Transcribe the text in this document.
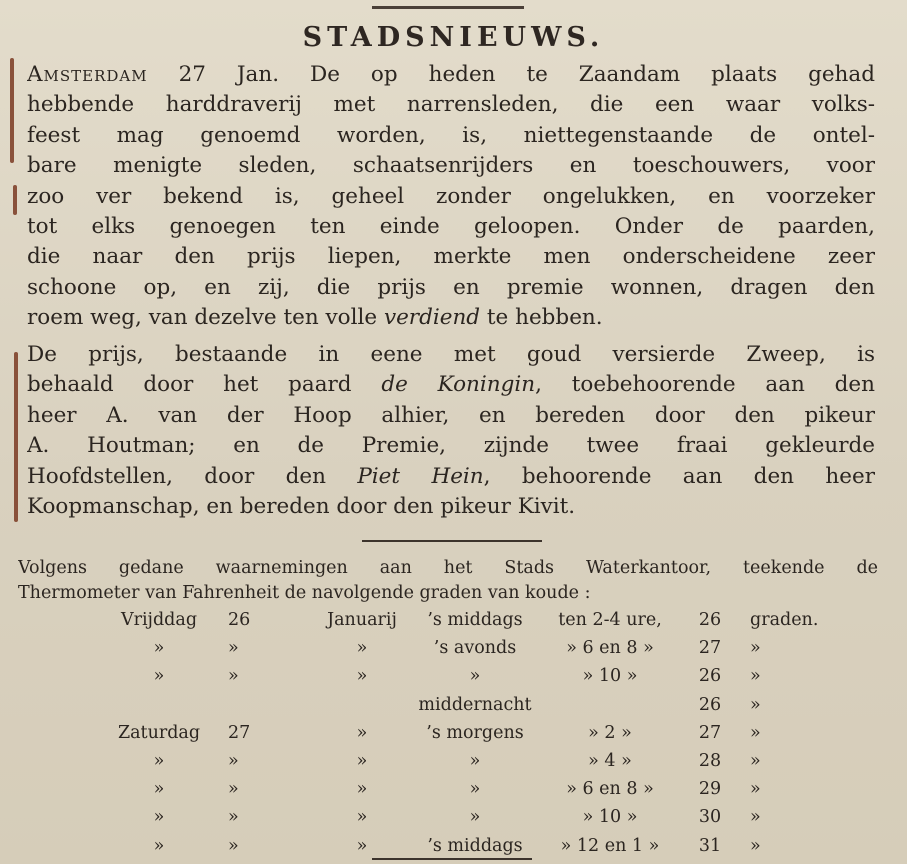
STADSNIEUWS.
Amsterdam 27 Jan. De op heden te Zaandam plaats gehad
hebbende harddraverij met narrensleden, die een waar volks-
feest mag genoemd worden, is, niettegenstaande de ontel-
bare menigte sleden, schaatsenrijders en toeschouwers, voor
zoo ver bekend is, geheel zonder ongelukken, en voorzeker
tot elks genoegen ten einde geloopen. Onder de paarden,
die naar den prijs liepen, merkte men onderscheidene zeer
schoone op, en zij, die prijs en premie wonnen, dragen den
roem weg, van dezelve ten volle verdiend te hebben.
De prijs, bestaande in eene met goud versierde Zweep, is
behaald door het paard de Koningin, toebehoorende aan den
heer A. van der Hoop alhier, en bereden door den pikeur
A. Houtman; en de Premie, zijnde twee fraai gekleurde
Hoofdstellen, door den Piet Hein, behoorende aan den heer
Koopmanschap, en bereden door den pikeur Kivit.
Volgens gedane waarnemingen aan het Stads Waterkantoor, teekende de
Thermometer van Fahrenheit de navolgende graden van koude :
Vrijddag	26	Januarij	’s middags	ten 2-4 ure,	26	graden.
»	»	»	’s avonds	» 6 en 8 »	27	»
»	»	»	»	» 10 »	26	»
			middernacht		26	»
Zaturdag	27	»	’s morgens	» 2 »	27	»
»	»	»	»	» 4 »	28	»
»	»	»	»	» 6 en 8 »	29	»
»	»	»	»	» 10 »	30	»
»	»	»	’s middags	» 12 en 1 »	31	»
